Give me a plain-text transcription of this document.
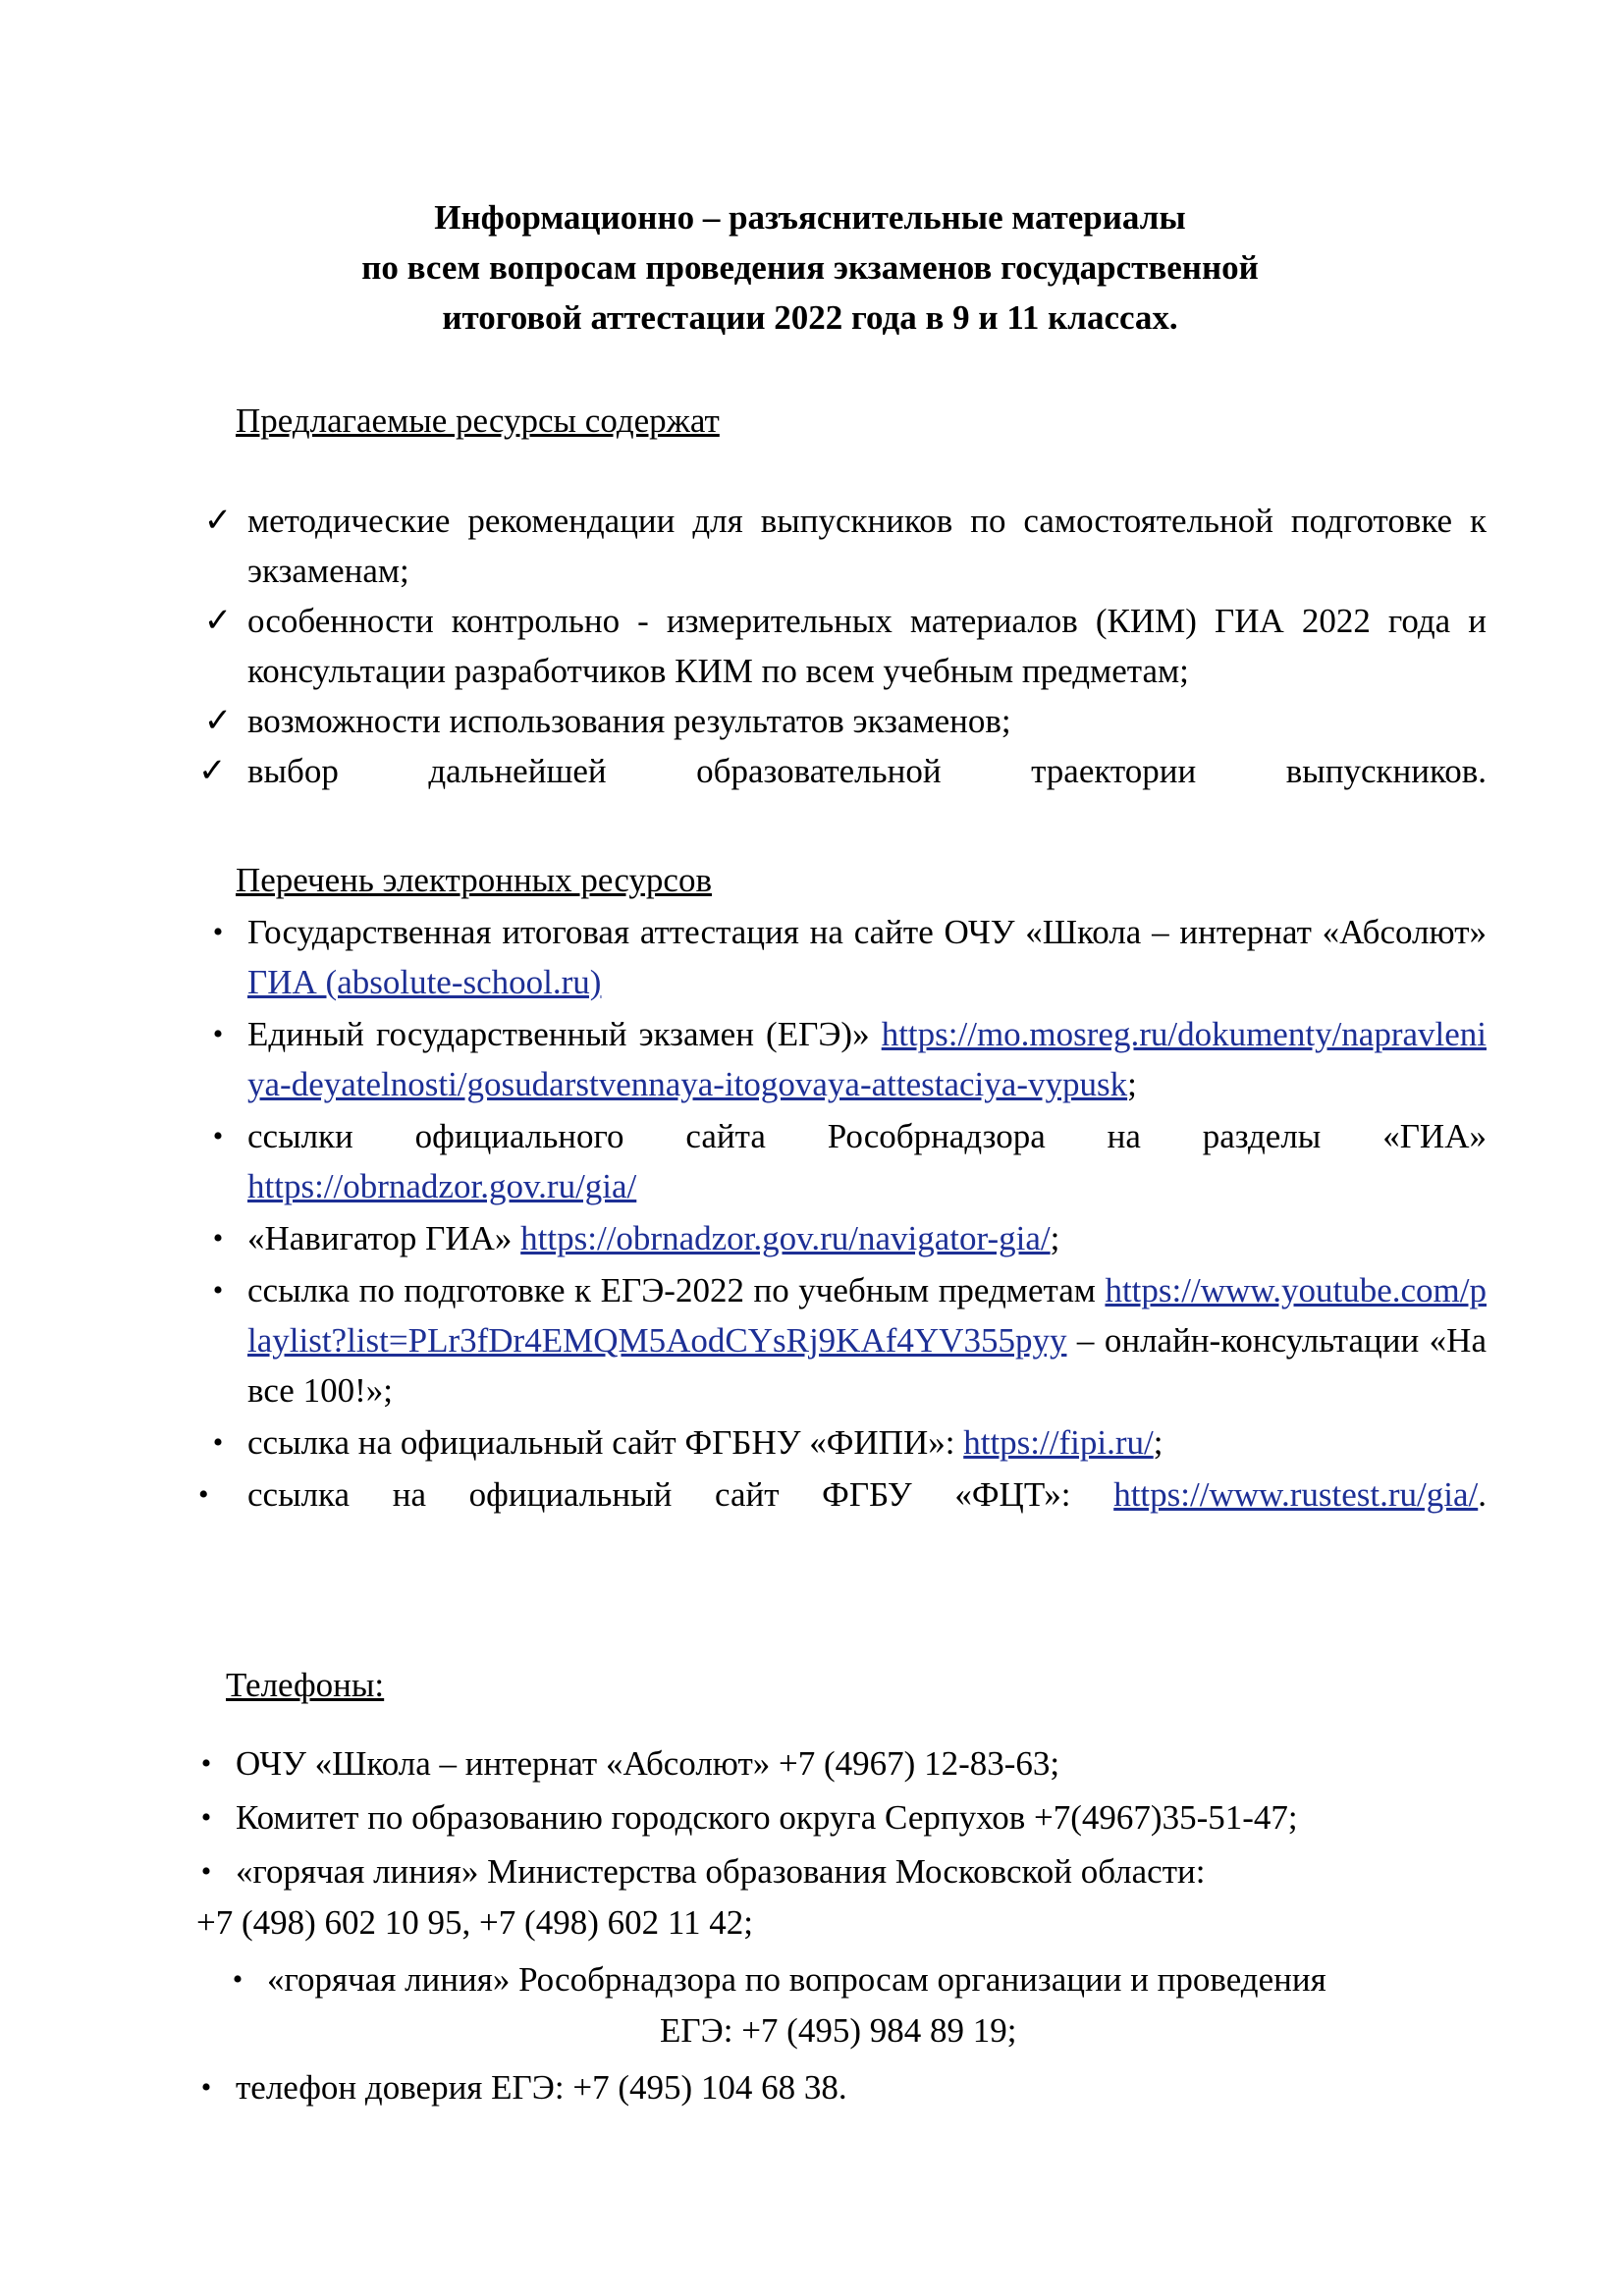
Информационно – разъяснительные материалы
по всем вопросам проведения экзаменов государственной
итоговой аттестации 2022 года в 9 и 11 классах.
Предлагаемые ресурсы содержат
✓ методические рекомендации для выпускников по самостоятельной подготовке к экзаменам;
✓ особенности контрольно - измерительных материалов (КИМ) ГИА 2022 года и консультации разработчиков КИМ по всем учебным предметам;
✓ возможности использования результатов экзаменов;
✓ выбор дальнейшей образовательной траектории выпускников.
Перечень электронных ресурсов
• Государственная итоговая аттестация на сайте ОЧУ «Школа – интернат «Абсолют» ГИА (absolute-school.ru)
• Единый государственный экзамен (ЕГЭ)» https://mo.mosreg.ru/dokumenty/napravleniya-deyatelnosti/gosudarstvennaya-itogovaya-attestaciya-vypusk;
• ссылки официального сайта Рособрнадзора на разделы «ГИА» https://obrnadzor.gov.ru/gia/
• «Навигатор ГИА» https://obrnadzor.gov.ru/navigator-gia/;
• ссылка по подготовке к ЕГЭ-2022 по учебным предметам https://www.youtube.com/playlist?list=PLr3fDr4EMQM5AodCYsRj9KAf4YV355pyy – онлайн-консультации «На все 100!»;
• ссылка на официальный сайт ФГБНУ «ФИПИ»: https://fipi.ru/;
•	ссылка на официальный сайт ФГБУ «ФЦТ»: https://www.rustest.ru/gia/.
Телефоны:
• ОЧУ «Школа – интернат «Абсолют» +7 (4967) 12-83-63;
• Комитет по образованию городского округа Серпухов +7(4967)35-51-47;
• «горячая линия» Министерства образования Московской области:
+7 (498) 602 10 95, +7 (498) 602 11 42;
• «горячая линия» Рособрнадзора по вопросам организации и проведения
ЕГЭ: +7 (495) 984 89 19;
• телефон доверия ЕГЭ: +7 (495) 104 68 38.
